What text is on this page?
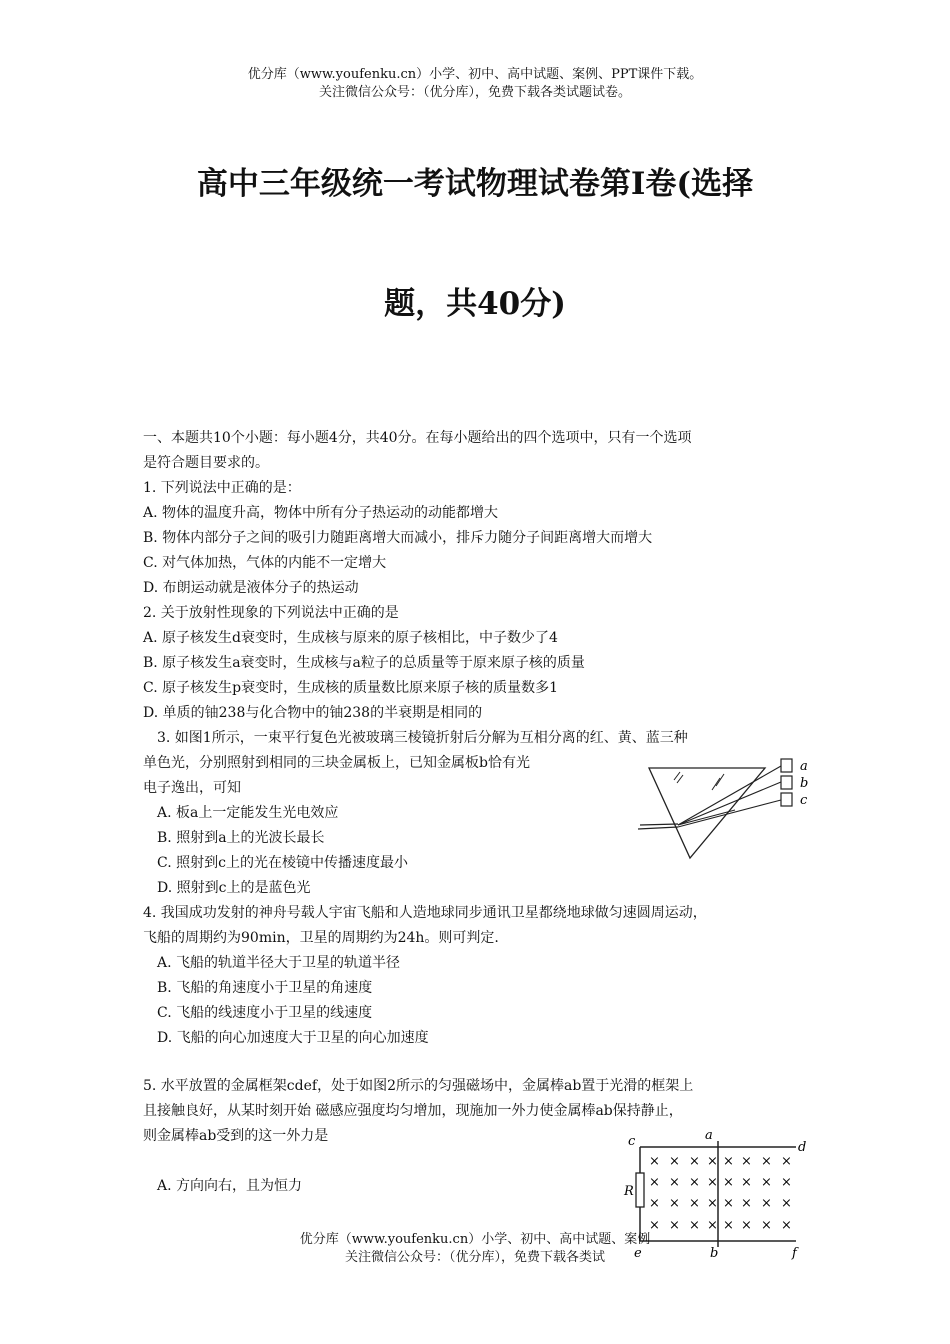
优分库（www.youfenku.cn）小学、初中、高中试题、案例、PPT课件下载。
关注微信公众号：（优分库），免费下载各类试题试卷。
高中三年级统一考试物理试卷第Ⅰ卷(选择
题，共40分)
一、本题共10个小题：每小题4分，共40分。在每小题给出的四个选项中，只有一个选项
是符合题目要求的。
1. 下列说法中正确的是：
A. 物体的温度升高，物体中所有分子热运动的动能都增大
B. 物体内部分子之间的吸引力随距离增大而减小，排斥力随分子间距离增大而增大
C. 对气体加热，气体的内能不一定增大
D. 布朗运动就是液体分子的热运动
2. 关于放射性现象的下列说法中正确的是
A. 原子核发生d衰变时，生成核与原来的原子核相比，中子数少了4
B. 原子核发生a衰变时，生成核与a粒子的总质量等于原来原子核的质量
C. 原子核发生p衰变时，生成核的质量数比原来原子核的质量数多1
D. 单质的铀238与化合物中的铀238的半衰期是相同的
3. 如图1所示，一束平行复色光被玻璃三棱镜折射后分解为互相分离的红、黄、蓝三种
单色光，分别照射到相同的三块金属板上，已知金属板b恰有光
电子逸出，可知
A. 板a上一定能发生光电效应
B. 照射到a上的光波长最长
C. 照射到c上的光在棱镜中传播速度最小
D. 照射到c上的是蓝色光
a
b
c
4. 我国成功发射的神舟号载人宇宙飞船和人造地球同步通讯卫星都绕地球做匀速圆周运动，
飞船的周期约为90min，卫星的周期约为24h。则可判定.
A. 飞船的轨道半径大于卫星的轨道半径
B. 飞船的角速度小于卫星的角速度
C. 飞船的线速度小于卫星的线速度
D. 飞船的向心加速度大于卫星的向心加速度
5. 水平放置的金属框架cdef，处于如图2所示的匀强磁场中，金属棒ab置于光滑的框架上
且接触良好，从某时刻开始 磁感应强度均匀增加，现施加一外力使金属棒ab保持静止，
则金属棒ab受到的这一外力是
A. 方向向右，且为恒力
× × × × × × × ×
× × × × × × × ×
× × × × × × × ×
× × × × × × × ×
c	a
d
R
e	b	f
优分库（www.youfenku.cn）小学、初中、高中试题、案例
关注微信公众号：（优分库），免费下载各类试
